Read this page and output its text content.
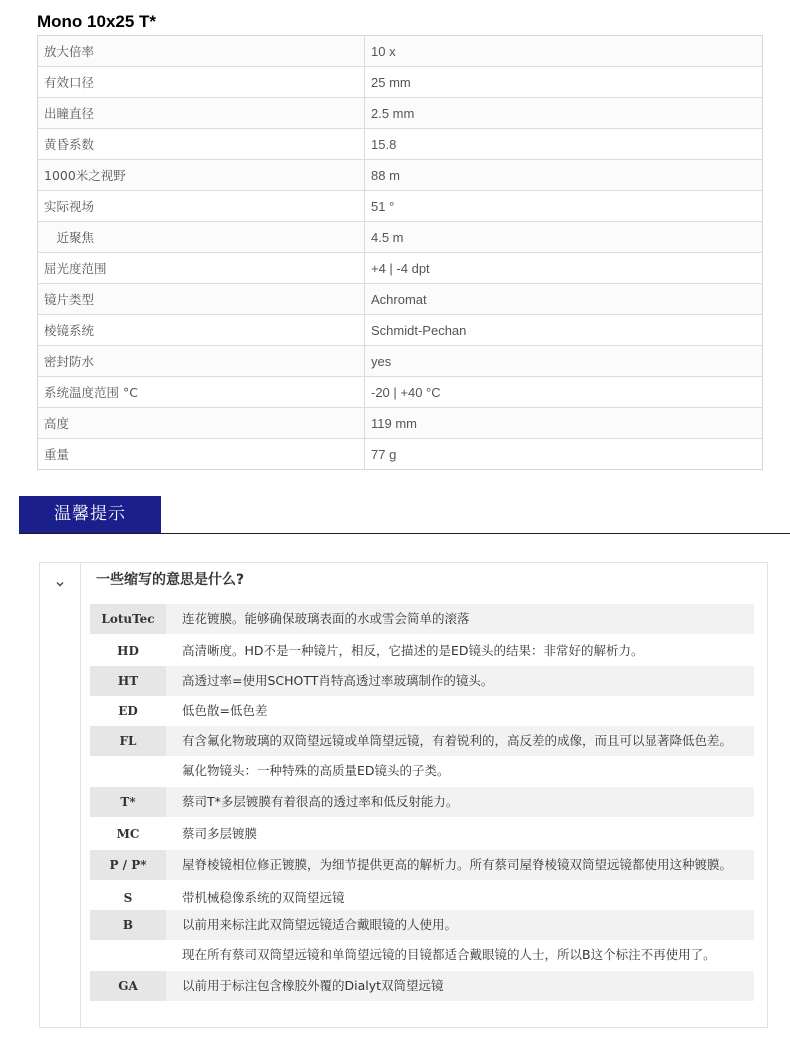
Mono 10x25 T*
放大倍率	10 x
有效口径	25 mm
出瞳直径	2.5 mm
黄昏系数	15.8
1000米之视野	88 m
实际视场	51 °
　近聚焦	4.5 m
屈光度范围	+4 | -4 dpt
镜片类型	Achromat
棱镜系统	Schmidt-Pechan
密封防水	yes
系统温度范围 °C	-20 | +40 °C
高度	119 mm
重量	77 g
温馨提示
一些缩写的意思是什么?
LotuTec	连花镀膜。能够确保玻璃表面的水或雪会简单的滚落
HD	高清晰度。HD不是一种镜片，相反，它描述的是ED镜头的结果：非常好的解析力。
HT	高透过率=使用SCHOTT肖特高透过率玻璃制作的镜头。
ED	低色散=低色差
FL	有含氟化物玻璃的双筒望远镜或单筒望远镜，有着锐利的，高反差的成像，而且可以显著降低色差。
氟化物镜头：一种特殊的高质量ED镜头的子类。
T*	蔡司T*多层镀膜有着很高的透过率和低反射能力。
MC	蔡司多层镀膜
P / P*	屋脊棱镜相位修正镀膜，为细节提供更高的解析力。所有蔡司屋脊棱镜双筒望远镜都使用这种镀膜。
S	带机械稳像系统的双筒望远镜
B	以前用来标注此双筒望远镜适合戴眼镜的人使用。
现在所有蔡司双筒望远镜和单筒望远镜的目镜都适合戴眼镜的人士，所以B这个标注不再使用了。
GA	以前用于标注包含橡胶外覆的Dialyt双筒望远镜
